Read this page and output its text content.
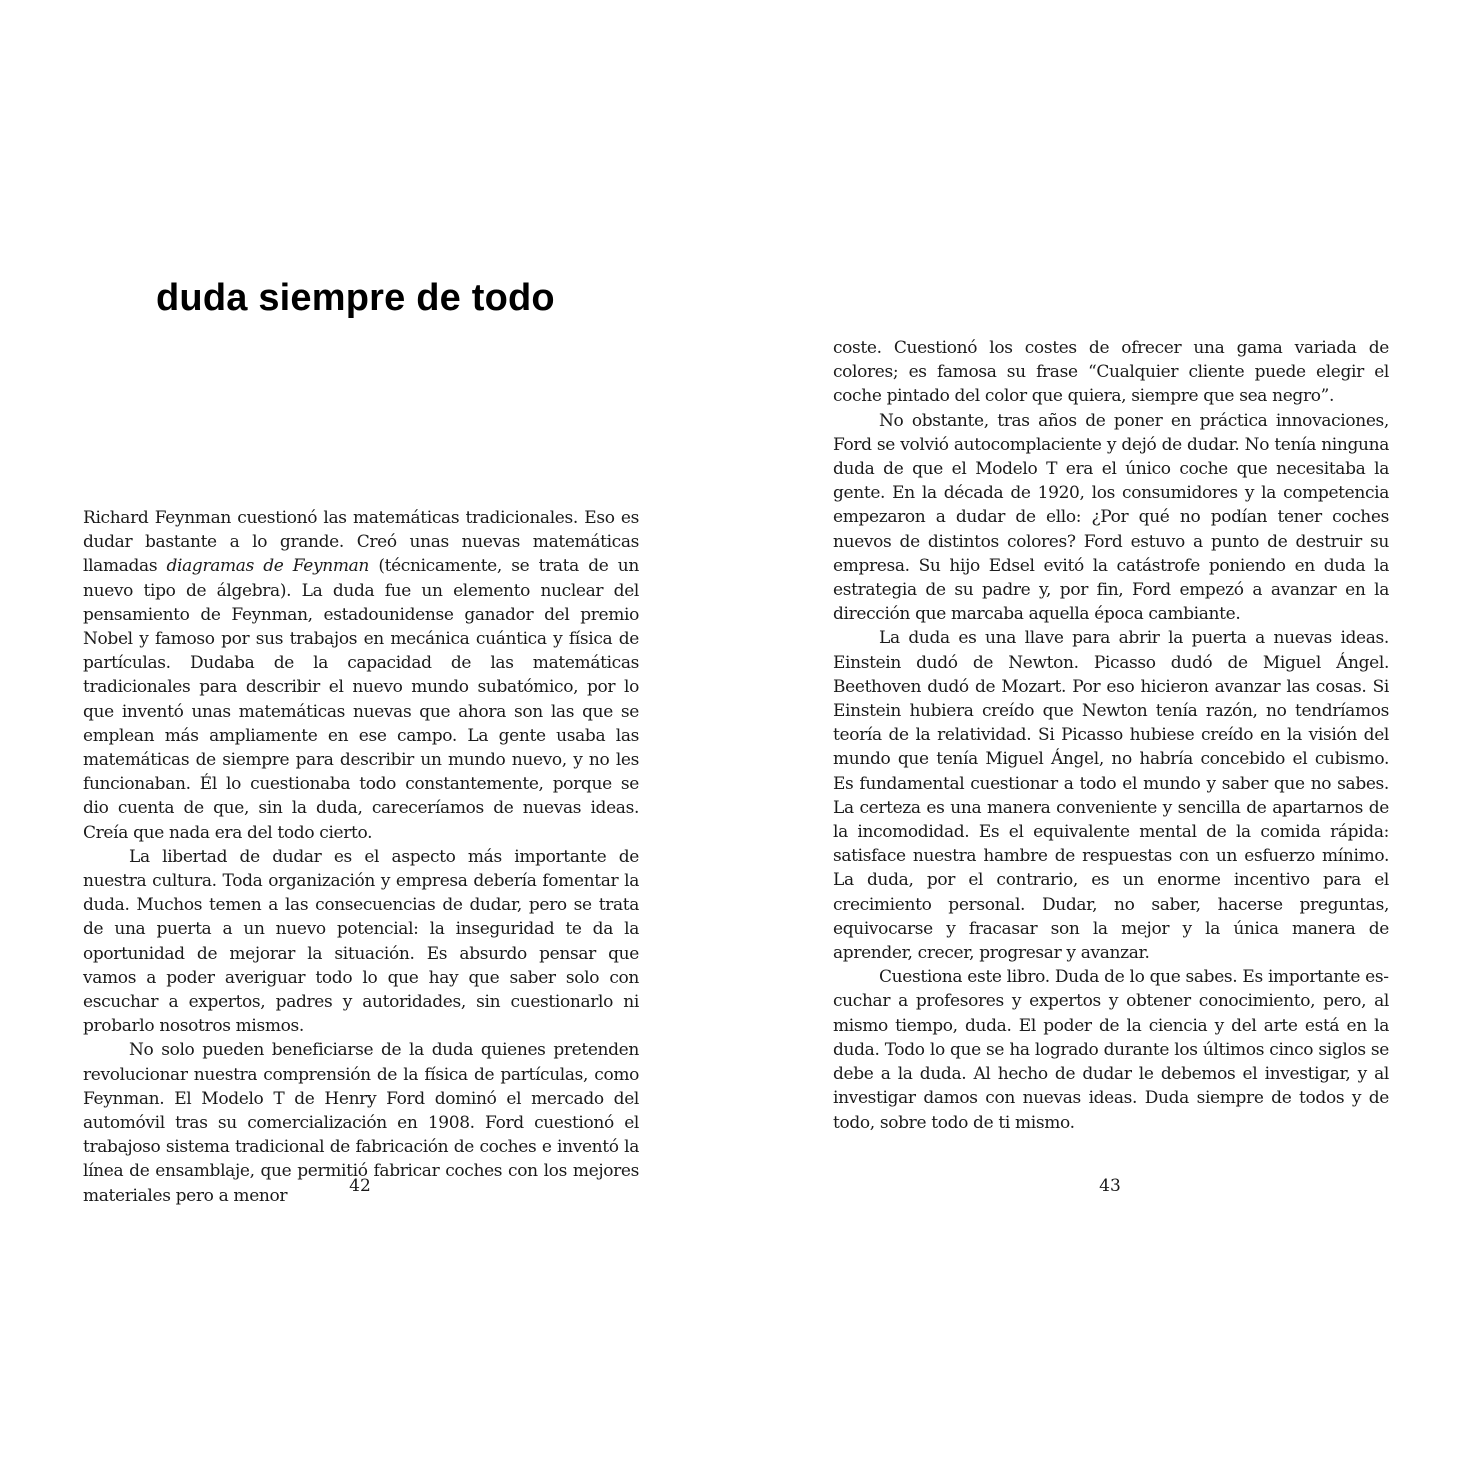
duda siempre de todo

Richard Feynman cuestionó las matemáticas tradicionales. Eso es dudar bastante a lo grande. Creó unas nuevas matemáticas llamadas diagramas de Feynman (técnicamente, se trata de un nuevo tipo de álgebra). La duda fue un elemento nuclear del pensamiento de Feynman, estadounidense ganador del premio Nobel y famoso por sus trabajos en mecánica cuántica y física de partículas. Dudaba de la capacidad de las matemáticas tradicionales para describir el nuevo mundo subatómico, por lo que inventó unas matemáticas nuevas que ahora son las que se emplean más ampliamente en ese campo. La gente usaba las matemáticas de siempre para describir un mundo nuevo, y no les funcionaban. Él lo cuestionaba todo constantemente, porque se dio cuenta de que, sin la duda, careceríamos de nuevas ideas. Creía que nada era del todo cierto.

La libertad de dudar es el aspecto más importante de nuestra cultura. Toda organización y empresa debería fomentar la duda. Muchos temen a las consecuencias de dudar, pero se trata de una puerta a un nuevo potencial: la inseguridad te da la oportunidad de mejorar la situación. Es absurdo pensar que vamos a poder averiguar todo lo que hay que saber solo con escuchar a expertos, padres y autoridades, sin cuestionarlo ni probarlo nosotros mismos.

No solo pueden beneficiarse de la duda quienes pretenden revolucionar nuestra comprensión de la física de partículas, como Feynman. El Modelo T de Henry Ford dominó el mercado del automóvil tras su comercialización en 1908. Ford cuestionó el trabajoso sistema tradicional de fabricación de coches e inventó la línea de ensamblaje, que permitió fabricar coches con los mejores materiales pero a menor	42

coste. Cuestionó los costes de ofrecer una gama variada de colores; es famosa su frase “Cualquier cliente puede elegir el coche pintado del color que quiera, siempre que sea negro”.

No obstante, tras años de poner en práctica innovaciones, Ford se volvió autocomplaciente y dejó de dudar. No tenía ninguna duda de que el Modelo T era el único coche que necesitaba la gente. En la década de 1920, los consumidores y la competencia empezaron a dudar de ello: ¿Por qué no podían tener coches nuevos de distintos colores? Ford estuvo a punto de destruir su empresa. Su hijo Edsel evitó la catástrofe poniendo en duda la estrategia de su padre y, por fin, Ford empezó a avanzar en la dirección que marcaba aquella época cambiante.

La duda es una llave para abrir la puerta a nuevas ideas. Einstein dudó de Newton. Picasso dudó de Miguel Ángel. Beethoven dudó de Mozart. Por eso hicieron avanzar las cosas. Si Einstein hubiera creído que Newton tenía razón, no tendríamos teoría de la relatividad. Si Picasso hubiese creído en la visión del mundo que tenía Miguel Ángel, no habría concebido el cubismo. Es fundamental cuestionar a todo el mundo y saber que no sabes. La certeza es una manera conveniente y sencilla de apartarnos de la incomodidad. Es el equivalente mental de la comida rápida: satisface nuestra hambre de respuestas con un esfuerzo mínimo. La duda, por el contrario, es un enorme incentivo para el crecimiento personal. Dudar, no saber, hacerse preguntas, equivocarse y fracasar son la mejor y la única manera de aprender, crecer, progresar y avanzar.

Cuestiona este libro. Duda de lo que sabes. Es importante escuchar a profesores y expertos y obtener conocimiento, pero, al mismo tiempo, duda. El poder de la ciencia y del arte está en la duda. Todo lo que se ha logrado durante los últimos cinco siglos se debe a la duda. Al hecho de dudar le debemos el investigar, y al investigar damos con nuevas ideas. Duda siempre de todos y de todo, sobre todo de ti mismo.

43
